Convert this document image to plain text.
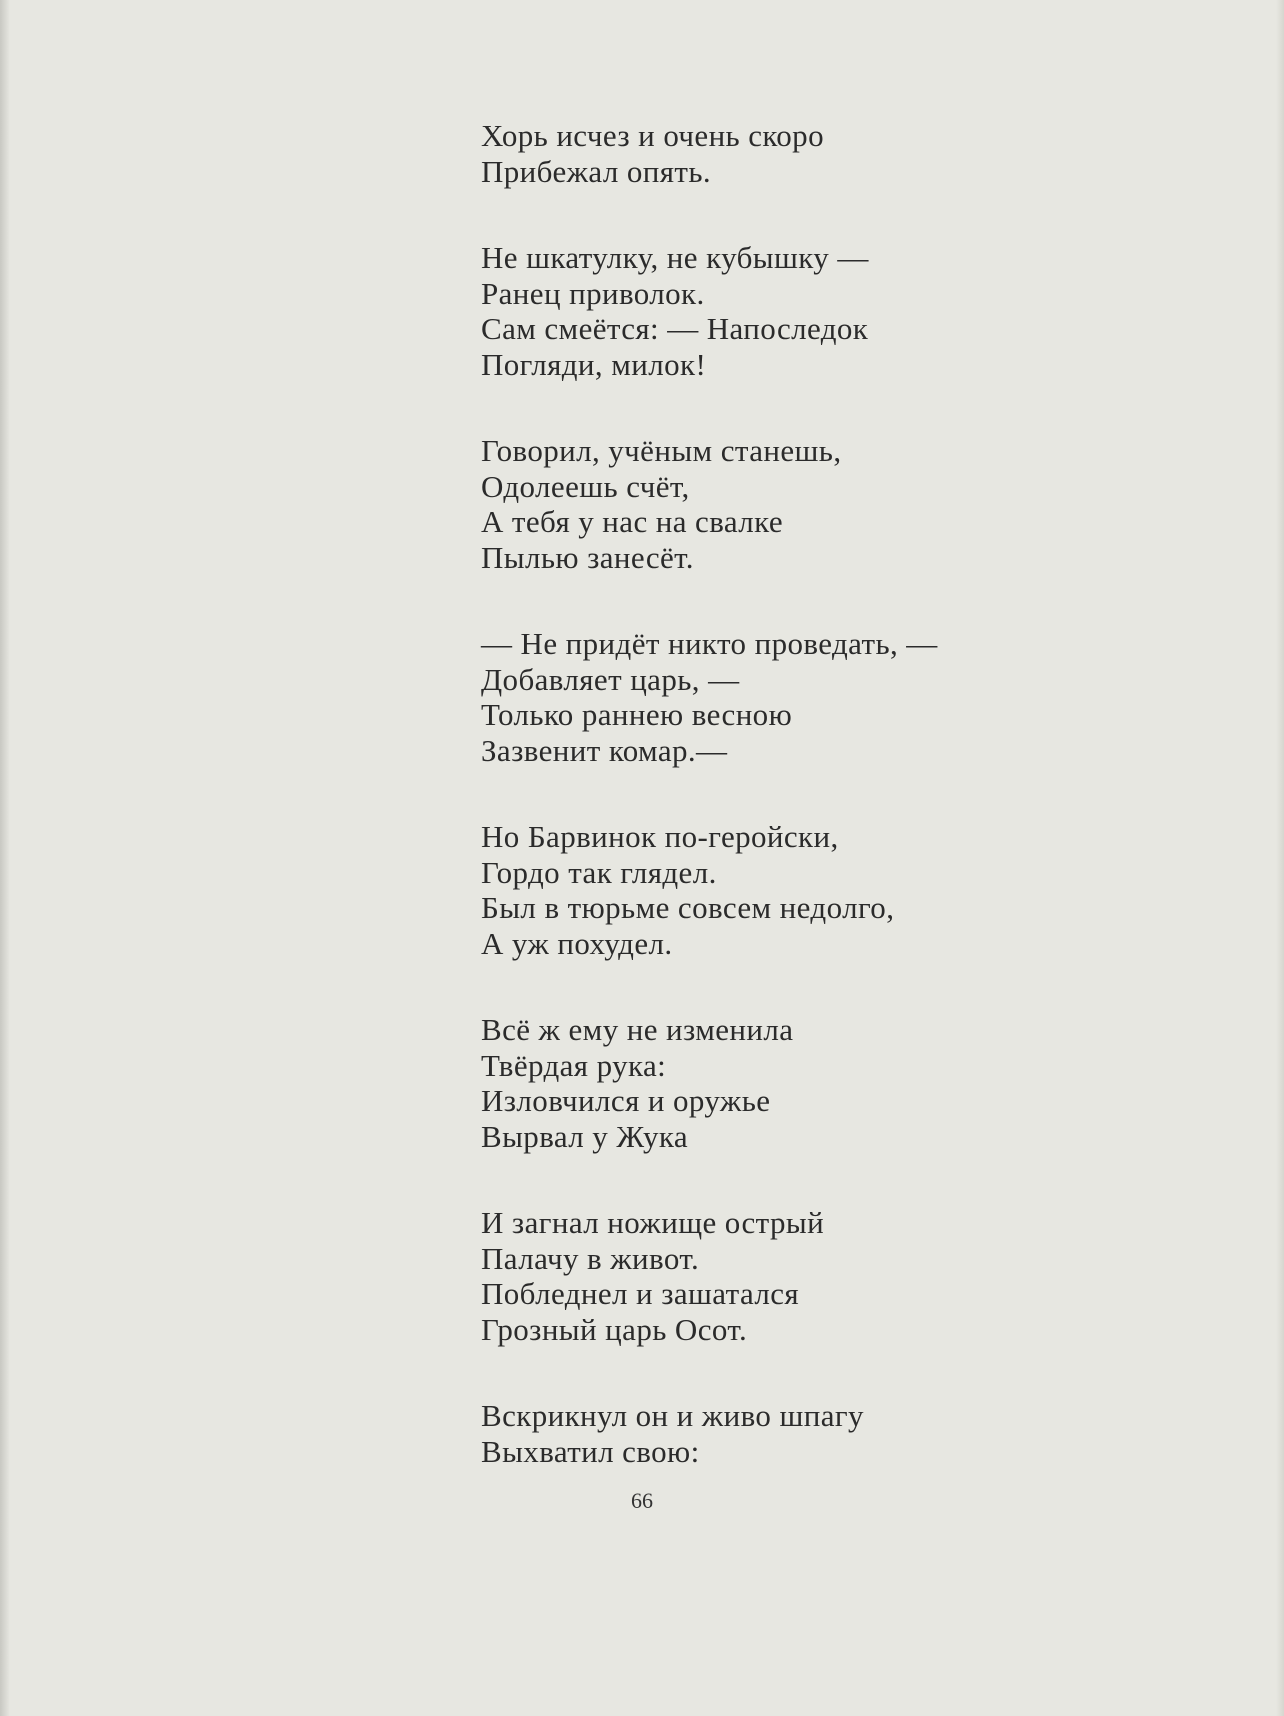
Хорь исчез и очень скоро
Прибежал опять.
Не шкатулку, не кубышку —
Ранец приволок.
Сам смеётся: — Напоследок
Погляди, милок!
Говорил, учёным станешь,
Одолеешь счёт,
А тебя у нас на свалке
Пылью занесёт.
— Не придёт никто проведать, —
Добавляет царь, —
Только раннею весною
Зазвенит комар.—
Но Барвинок по-геройски,
Гордо так глядел.
Был в тюрьме совсем недолго,
А уж похудел.
Всё ж ему не изменила
Твёрдая рука:
Изловчился и оружье
Вырвал у Жука
И загнал ножище острый
Палачу в живот.
Побледнел и зашатался
Грозный царь Осот.
Вскрикнул он и живо шпагу
Выхватил свою:
66
